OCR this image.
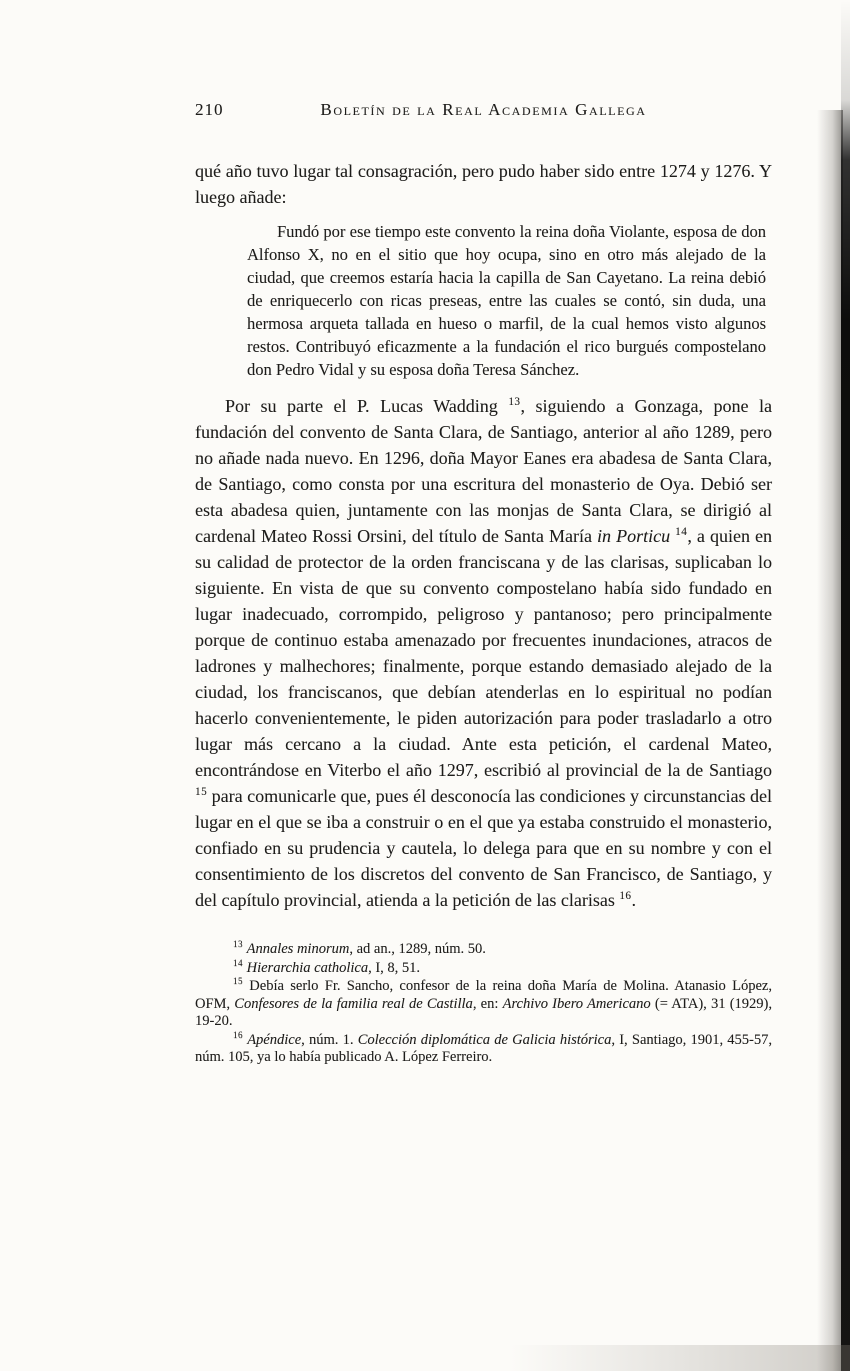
210	Boletín de la Real Academia Gallega

qué año tuvo lugar tal consagración, pero pudo haber sido entre 1274 y 1276. Y luego añade:

Fundó por ese tiempo este convento la reina doña Violante, esposa de don Alfonso X, no en el sitio que hoy ocupa, sino en otro más alejado de la ciudad, que creemos estaría hacia la capilla de San Cayetano. La reina debió de enriquecerlo con ricas preseas, entre las cuales se contó, sin duda, una hermosa arqueta tallada en hueso o marfil, de la cual hemos visto algunos restos. Contribuyó eficazmente a la fundación el rico burgués compostelano don Pedro Vidal y su esposa doña Teresa Sánchez.

Por su parte el P. Lucas Wadding $^{13}$, siguiendo a Gonzaga, pone la fundación del convento de Santa Clara, de Santiago, anterior al año 1289, pero no añade nada nuevo. En 1296, doña Mayor Eanes era abadesa de Santa Clara, de Santiago, como consta por una escritura del monasterio de Oya. Debió ser esta abadesa quien, juntamente con las monjas de Santa Clara, se dirigió al cardenal Mateo Rossi Orsini, del título de Santa María in Porticu $^{14}$, a quien en su calidad de protector de la orden franciscana y de las clarisas, suplicaban lo siguiente. En vista de que su convento compostelano había sido fundado en lugar inadecuado, corrompido, peligroso y pantanoso; pero principalmente porque de continuo estaba amenazado por frecuentes inundaciones, atracos de ladrones y malhechores; finalmente, porque estando demasiado alejado de la ciudad, los franciscanos, que debían atenderlas en lo espiritual no podían hacerlo convenientemente, le piden autorización para poder trasladarlo a otro lugar más cercano a la ciudad. Ante esta petición, el cardenal Mateo, encontrándose en Viterbo el año 1297, escribió al provincial de la de Santiago $^{15}$ para comunicarle que, pues él desconocía las condiciones y circunstancias del lugar en el que se iba a construir o en el que ya estaba construido el monasterio, confiado en su prudencia y cautela, lo delega para que en su nombre y con el consentimiento de los discretos del convento de San Francisco, de Santiago, y del capítulo provincial, atienda a la petición de las clarisas $^{16}$.

$^{13}$ Annales minorum, ad an., 1289, núm. 50.

$^{14}$ Hierarchia catholica, I, 8, 51.

$^{15}$ Debía serlo Fr. Sancho, confesor de la reina doña María de Molina. Atanasio López, OFM, Confesores de la familia real de Castilla, en: Archivo Ibero Americano (= ATA), 31 (1929), 19-20.

$^{16}$ Apéndice, núm. 1. Colección diplomática de Galicia histórica, I, Santiago, 1901, 455-57, núm. 105, ya lo había publicado A. López Ferreiro.
